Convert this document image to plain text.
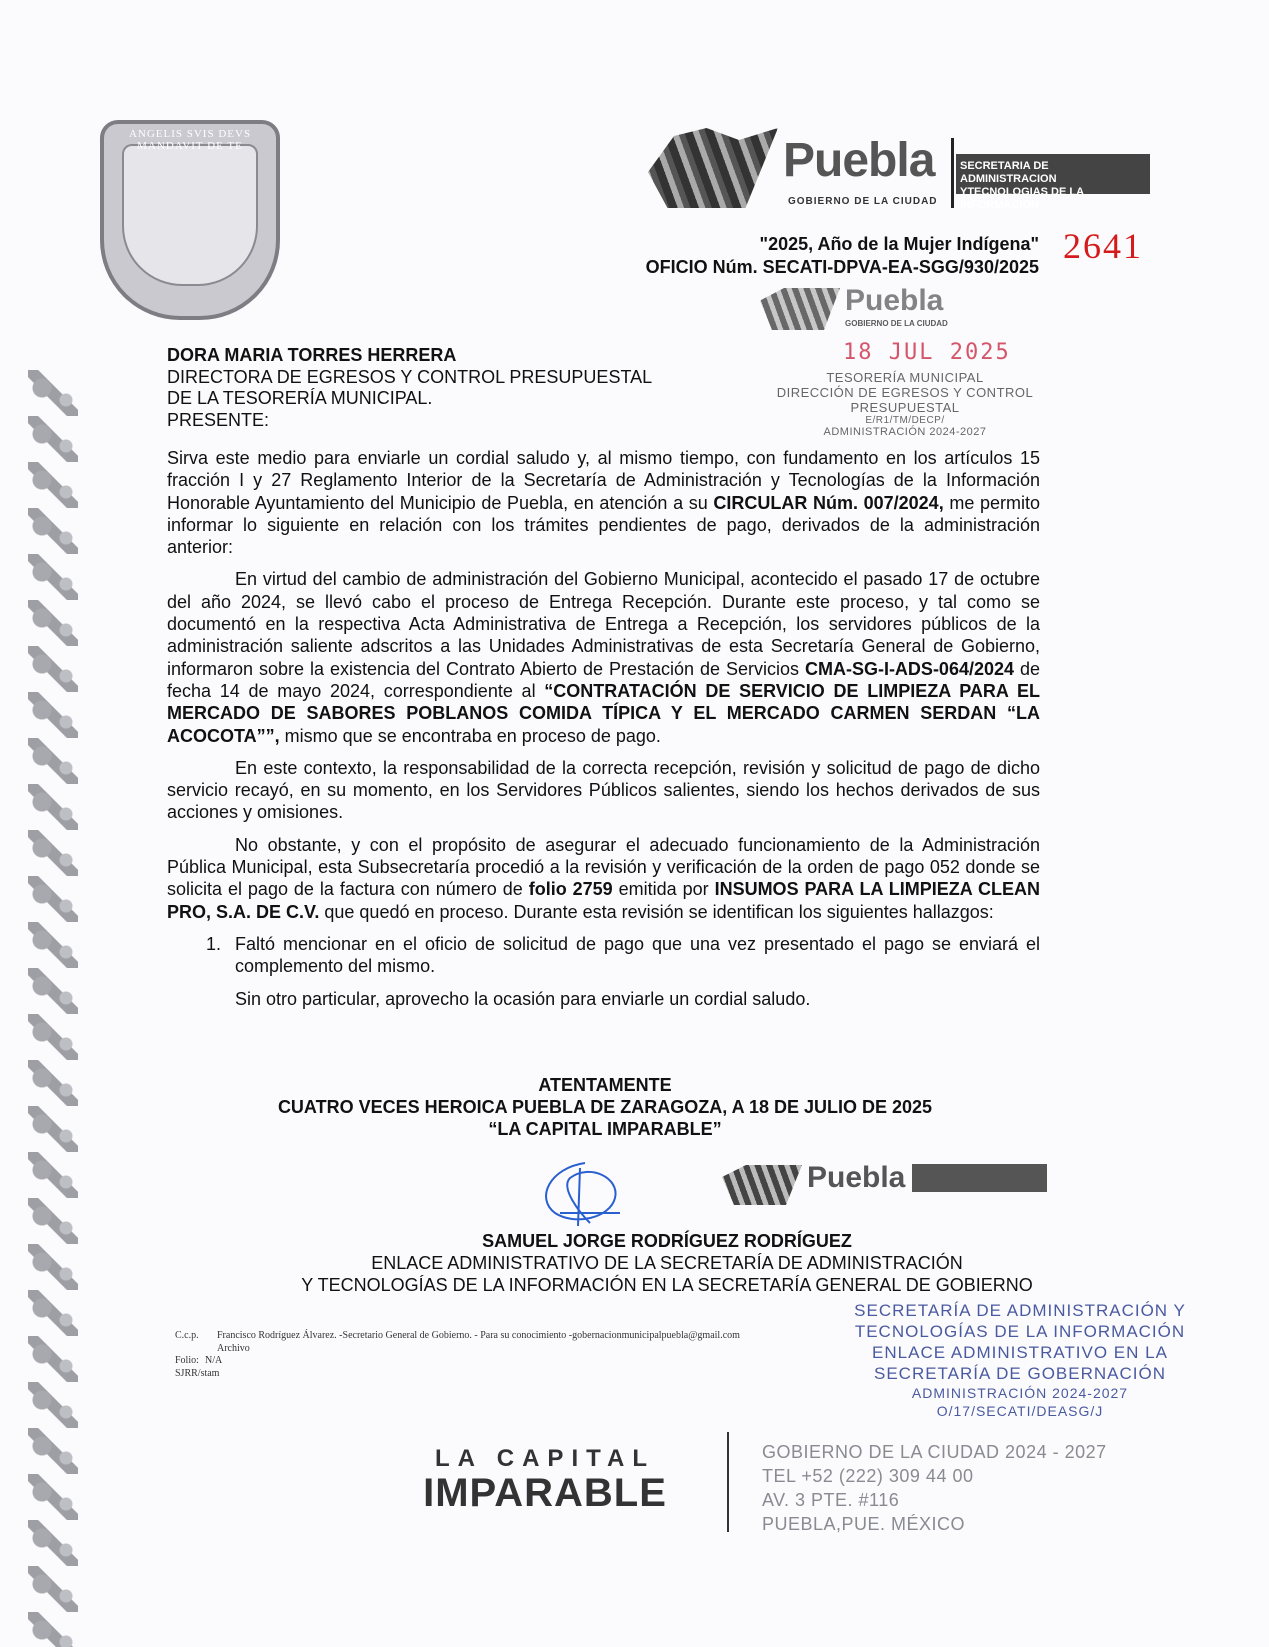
ANGELIS SVIS DEVS MANDAVIT DE TE	Puebla
GOBIERNO DE LA CIUDAD
SECRETARIA DE ADMINISTRACION
YTECNOLOGIAS DE LA INFORMACION
"2025, Año de la Mujer Indígena"
OFICIO Núm. SECATI-DPVA-EA-SGG/930/2025
2641
Puebla
GOBIERNO DE LA CIUDAD
18 JUL 2025
TESORERÍA MUNICIPAL
DIRECCIÓN DE EGRESOS Y CONTROL
PRESUPUESTAL
E/R1/TM/DECP/
ADMINISTRACIÓN 2024-2027
DORA MARIA TORRES HERRERA
DIRECTORA DE EGRESOS Y CONTROL PRESUPUESTAL
DE LA TESORERÍA MUNICIPAL.
PRESENTE:

Sirva este medio para enviarle un cordial saludo y, al mismo tiempo, con fundamento en los artículos 15 fracción I y 27 Reglamento Interior de la Secretaría de Administración y Tecnologías de la Información Honorable Ayuntamiento del Municipio de Puebla, en atención a su CIRCULAR Núm. 007/2024, me permito informar lo siguiente en relación con los trámites pendientes de pago, derivados de la administración anterior:

En virtud del cambio de administración del Gobierno Municipal, acontecido el pasado 17 de octubre del año 2024, se llevó cabo el proceso de Entrega Recepción. Durante este proceso, y tal como se documentó en la respectiva Acta Administrativa de Entrega a Recepción, los servidores públicos de la administración saliente adscritos a las Unidades Administrativas de esta Secretaría General de Gobierno, informaron sobre la existencia del Contrato Abierto de Prestación de Servicios CMA-SG-I-ADS-064/2024 de fecha 14 de mayo 2024, correspondiente al “CONTRATACIÓN DE SERVICIO DE LIMPIEZA PARA EL MERCADO DE SABORES POBLANOS COMIDA TÍPICA Y EL MERCADO CARMEN SERDAN “LA ACOCOTA””, mismo que se encontraba en proceso de pago.

En este contexto, la responsabilidad de la correcta recepción, revisión y solicitud de pago de dicho servicio recayó, en su momento, en los Servidores Públicos salientes, siendo los hechos derivados de sus acciones y omisiones.

No obstante, y con el propósito de asegurar el adecuado funcionamiento de la Administración Pública Municipal, esta Subsecretaría procedió a la revisión y verificación de la orden de pago 052 donde se solicita el pago de la factura con número de folio 2759 emitida por INSUMOS PARA LA LIMPIEZA CLEAN PRO, S.A. DE C.V. que quedó en proceso. Durante esta revisión se identifican los siguientes hallazgos:

1. Faltó mencionar en el oficio de solicitud de pago que una vez presentado el pago se enviará el complemento del mismo.

Sin otro particular, aprovecho la ocasión para enviarle un cordial saludo.

ATENTAMENTE
CUATRO VECES HEROICA PUEBLA DE ZARAGOZA, A 18 DE JULIO DE 2025
“LA CAPITAL IMPARABLE”
Puebla
SAMUEL JORGE RODRÍGUEZ RODRÍGUEZ
ENLACE ADMINISTRATIVO DE LA SECRETARÍA DE ADMINISTRACIÓN
Y TECNOLOGÍAS DE LA INFORMACIÓN EN LA SECRETARÍA GENERAL DE GOBIERNO
SECRETARÍA DE ADMINISTRACIÓN Y
TECNOLOGÍAS DE LA INFORMACIÓN
ENLACE ADMINISTRATIVO EN LA
SECRETARÍA DE GOBERNACIÓN
ADMINISTRACIÓN 2024-2027
O/17/SECATI/DEASG/J
C.c.p. Francisco Rodríguez Álvarez. -Secretario General de Gobierno. - Para su conocimiento -gobernacionmunicipalpuebla@gmail.com
Archivo
Folio: N/A
SJRR/stam
LA CAPITAL
IMPARABLE
GOBIERNO DE LA CIUDAD 2024 - 2027
TEL +52 (222) 309 44 00
AV. 3 PTE. #116
PUEBLA,PUE. MÉXICO
